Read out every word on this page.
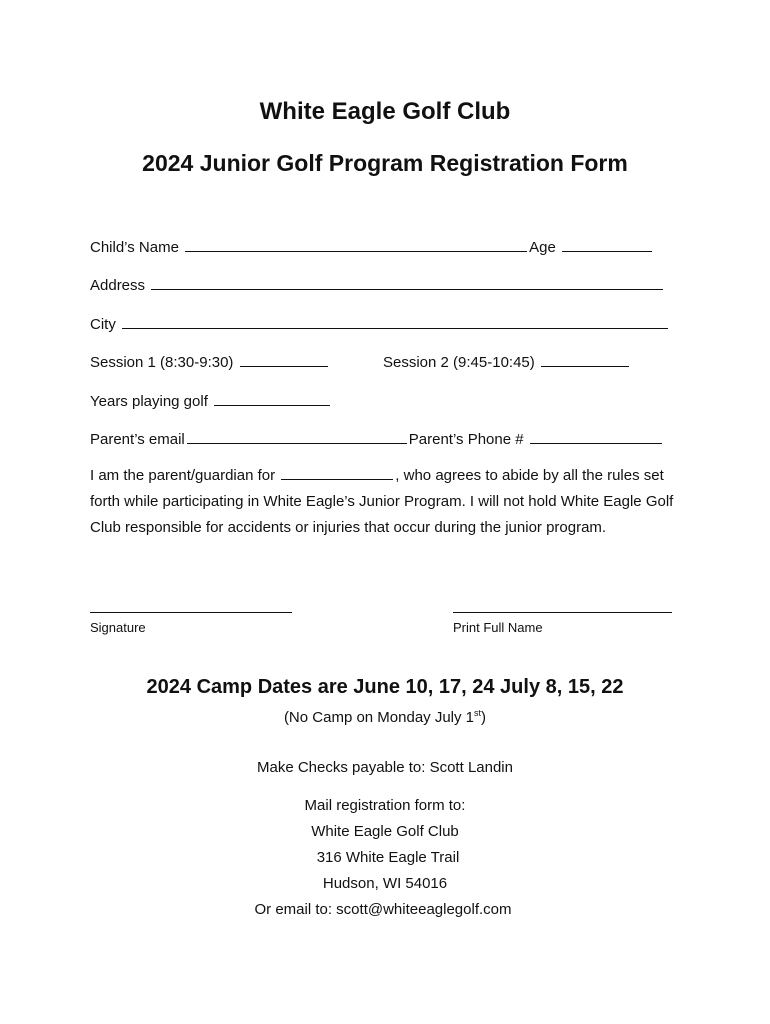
White Eagle Golf Club
2024 Junior Golf Program Registration Form
Child’s Name	Age
Address
City
Session 1 (8:30-9:30)	Session 2 (9:45-10:45)
Years playing golf
Parent’s email	Parent’s Phone #
I am the parent/guardian for	, who agrees to abide by all the rules set forth while participating in White Eagle’s Junior Program. I will not hold White Eagle Golf Club responsible for accidents or injuries that occur during the junior program.
Signature	Print Full Name
2024 Camp Dates are June 10, 17, 24 July 8, 15, 22
(No Camp on Monday July 1st)
Make Checks payable to: Scott Landin
Mail registration form to:
White Eagle Golf Club
316 White Eagle Trail
Hudson, WI 54016
Or email to: scott@whiteeaglegolf.com
